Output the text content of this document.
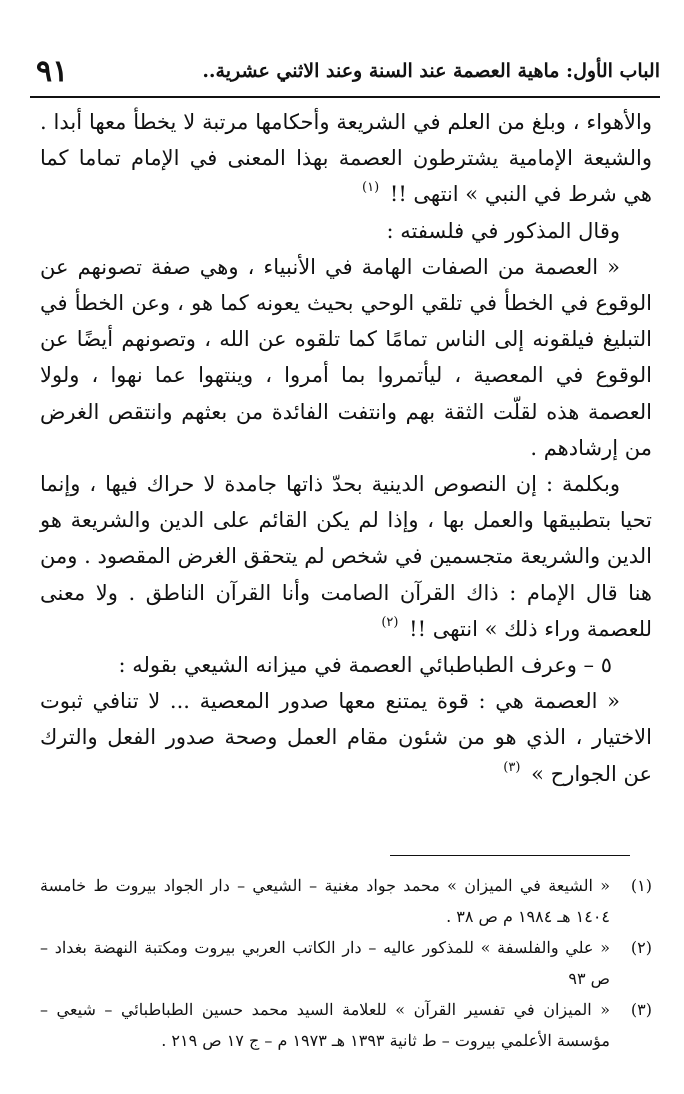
الباب الأول: ماهية العصمة عند السنة وعند الاثني عشرية..
٩١

والأهواء ، وبلغ من العلم في الشريعة وأحكامها مرتبة لا يخطأ معها أبدا . والشيعة الإمامية يشترطون العصمة بهذا المعنى في الإمام تماما كما هي شرط في النبي » انتهى !! $^{(١)}$

وقال المذكور في فلسفته :

« العصمة من الصفات الهامة في الأنبياء ، وهي صفة تصونهم عن الوقوع في الخطأ في تلقي الوحي بحيث يعونه كما هو ، وعن الخطأ في التبليغ فيلقونه إلى الناس تمامًا كما تلقوه عن الله ، وتصونهم أيضًا عن الوقوع في المعصية ، ليأتمروا بما أمروا ، وينتهوا عما نهوا ، ولولا العصمة هذه لقلّت الثقة بهم وانتفت الفائدة من بعثهم وانتقص الغرض من إرشادهم .

وبكلمة : إن النصوص الدينية بحدّ ذاتها جامدة لا حراك فيها ، وإنما تحيا بتطبيقها والعمل بها ، وإذا لم يكن القائم على الدين والشريعة هو الدين والشريعة متجسمين في شخص لم يتحقق الغرض المقصود . ومن هنا قال الإمام : ذاك القرآن الصامت وأنا القرآن الناطق . ولا معنى للعصمة وراء ذلك » انتهى !! $^{(٢)}$

٥ – وعرف الطباطبائي العصمة في ميزانه الشيعي بقوله :

« العصمة هي : قوة يمتنع معها صدور المعصية ... لا تنافي ثبوت الاختيار ، الذي هو من شئون مقام العمل وصحة صدور الفعل والترك عن الجوارح » $^{(٣)}$

(١)
« الشيعة في الميزان » محمد جواد مغنية – الشيعي – دار الجواد بيروت ط خامسة ١٤٠٤ هـ ١٩٨٤ م ص ٣٨ .
(٢)
« علي والفلسفة » للمذكور عاليه – دار الكاتب العربي بيروت ومكتبة النهضة بغداد – ص ٩٣
(٣)
« الميزان في تفسير القرآن » للعلامة السيد محمد حسين الطباطبائي – شيعي – مؤسسة الأعلمي بيروت – ط ثانية ١٣٩٣ هـ ١٩٧٣ م – ج ١٧ ص ٢١٩ .
